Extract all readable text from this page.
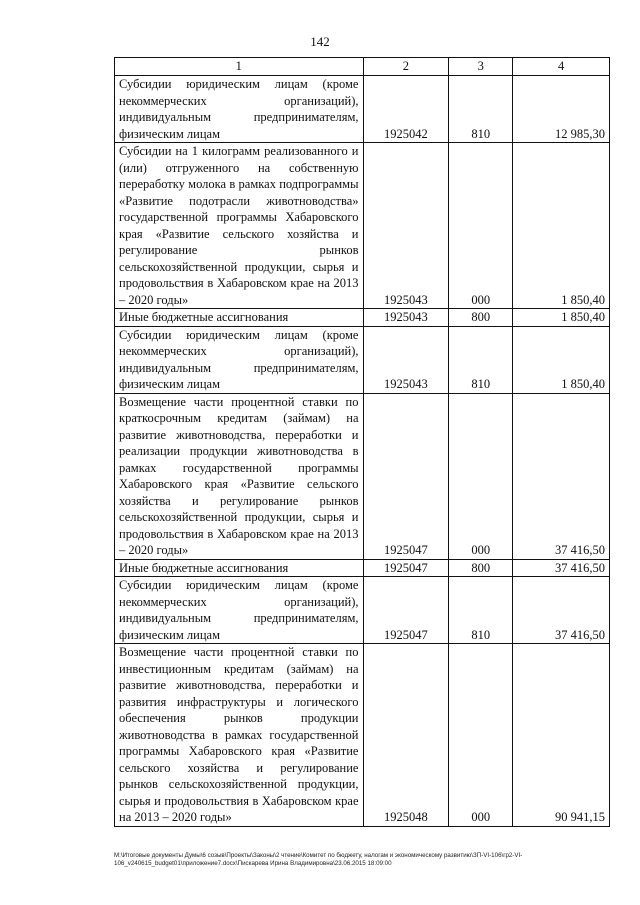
142
1	2	3	4
Субсидии юридическим лицам (кроме некоммерческих организаций), индивидуальным предпринимателям, физическим лицам	1925042	810	12 985,30
Субсидии на 1 килограмм реализованного и (или) отгруженного на собственную переработку молока в рамках подпрограммы «Развитие подотрасли животноводства» государственной программы Хабаровского края «Развитие сельского хозяйства и регулирование рынков сельскохозяйственной продукции, сырья и продовольствия в Хабаровском крае на 2013 – 2020 годы»	1925043	000	1 850,40
Иные бюджетные ассигнования	1925043	800	1 850,40
Субсидии юридическим лицам (кроме некоммерческих организаций), индивидуальным предпринимателям, физическим лицам	1925043	810	1 850,40
Возмещение части процентной ставки по краткосрочным кредитам (займам) на развитие животноводства, переработки и реализации продукции животноводства в рамках государственной программы Хабаровского края «Развитие сельского хозяйства и регулирование рынков сельскохозяйственной продукции, сырья и продовольствия в Хабаровском крае на 2013 – 2020 годы»	1925047	000	37 416,50
Иные бюджетные ассигнования	1925047	800	37 416,50
Субсидии юридическим лицам (кроме некоммерческих организаций), индивидуальным предпринимателям, физическим лицам	1925047	810	37 416,50
Возмещение части процентной ставки по инвестиционным кредитам (займам) на развитие животноводства, переработки и развития инфраструктуры и логического обеспечения рынков продукции животноводства в рамках государственной программы Хабаровского края «Развитие сельского хозяйства и регулирование рынков сельскохозяйственной продукции, сырья и продовольствия в Хабаровском крае на 2013 – 2020 годы»	1925048	000	90 941,15
M:\Итоговые документы Думы\6 созыв\Проекты\Законы\2 чтение\Комитет по бюджету, налогам и экономическому развитию\ЗП-VI-106\гр2-VI-106_v240615_budget01\приложение7.docx\Пискарева Ирина Владимировна\23.06.2015 18:09:00
